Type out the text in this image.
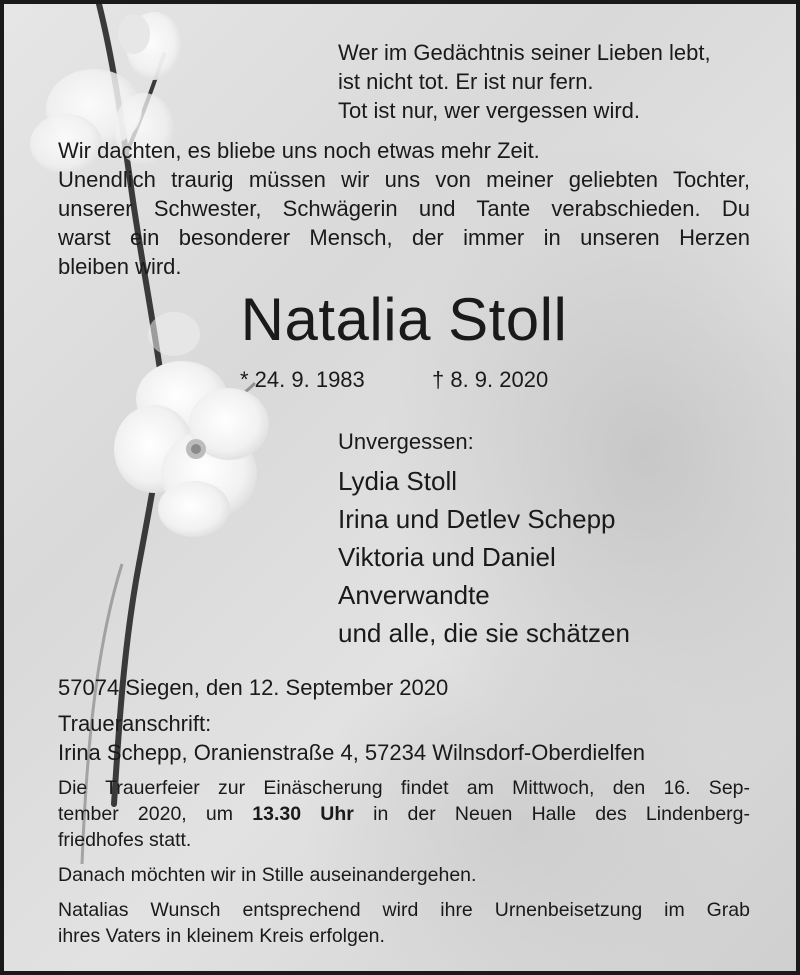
Wer im Gedächtnis seiner Lieben lebt,
ist nicht tot. Er ist nur fern.
Tot ist nur, wer vergessen wird.
Wir dachten, es bliebe uns noch etwas mehr Zeit.
Unendlich traurig müssen wir uns von meiner geliebten Tochter,
unserer Schwester, Schwägerin und Tante verabschieden. Du
warst ein besonderer Mensch, der immer in unseren Herzen
bleiben wird.
Natalia Stoll
* 24. 9. 1983	† 8. 9. 2020
Unvergessen:
Lydia Stoll
Irina und Detlev Schepp
Viktoria und Daniel
Anverwandte
und alle, die sie schätzen
57074 Siegen, den 12. September 2020
Traueranschrift:
Irina Schepp, Oranienstraße 4, 57234 Wilnsdorf-Oberdielfen
Die Trauerfeier zur Einäscherung findet am Mittwoch, den 16. Sep-
tember 2020, um 13.30 Uhr in der Neuen Halle des Lindenberg-
friedhofes statt.
Danach möchten wir in Stille auseinandergehen.
Natalias Wunsch entsprechend wird ihre Urnenbeisetzung im Grab
ihres Vaters in kleinem Kreis erfolgen.
